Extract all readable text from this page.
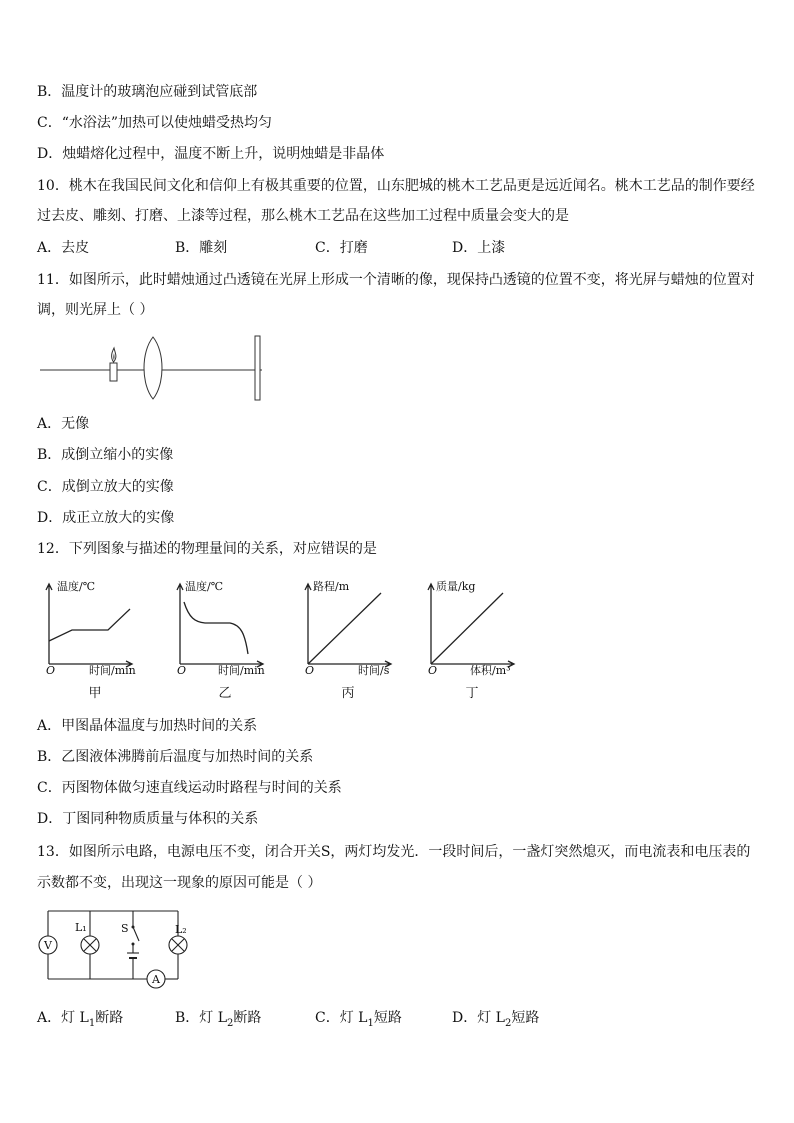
B．温度计的玻璃泡应碰到试管底部
C．“水浴法”加热可以使烛蜡受热均匀
D．烛蜡熔化过程中，温度不断上升，说明烛蜡是非晶体
10．桃木在我国民间文化和信仰上有极其重要的位置，山东肥城的桃木工艺品更是远近闻名。桃木工艺品的制作要经
过去皮、雕刻、打磨、上漆等过程，那么桃木工艺品在这些加工过程中质量会变大的是
A．去皮	B．雕刻	C．打磨	D．上漆
11．如图所示，此时蜡烛通过凸透镜在光屏上形成一个清晰的像，现保持凸透镜的位置不变，将光屏与蜡烛的位置对
调，则光屏上（ ）
A．无像
B．成倒立缩小的实像
C．成倒立放大的实像
D．成正立放大的实像
12．下列图象与描述的物理量间的关系，对应错误的是
温度/℃
时间/min
O
甲
温度/℃
时间/min
O
乙
路程/m
时间/s
O
丙
质量/kg
体积/m³
O
丁
A．甲图晶体温度与加热时间的关系
B．乙图液体沸腾前后温度与加热时间的关系
C．丙图物体做匀速直线运动时路程与时间的关系
D．丁图同种物质质量与体积的关系
13．如图所示电路，电源电压不变，闭合开关S，两灯均发光．一段时间后，一盏灯突然熄灭，而电流表和电压表的
示数都不变，出现这一现象的原因可能是（ ）
V
L₁	S	L₂
A
A．灯 $L_1$断路	B．灯 $L_2$断路	C．灯 $L_1$短路	D．灯 $L_2$短路
